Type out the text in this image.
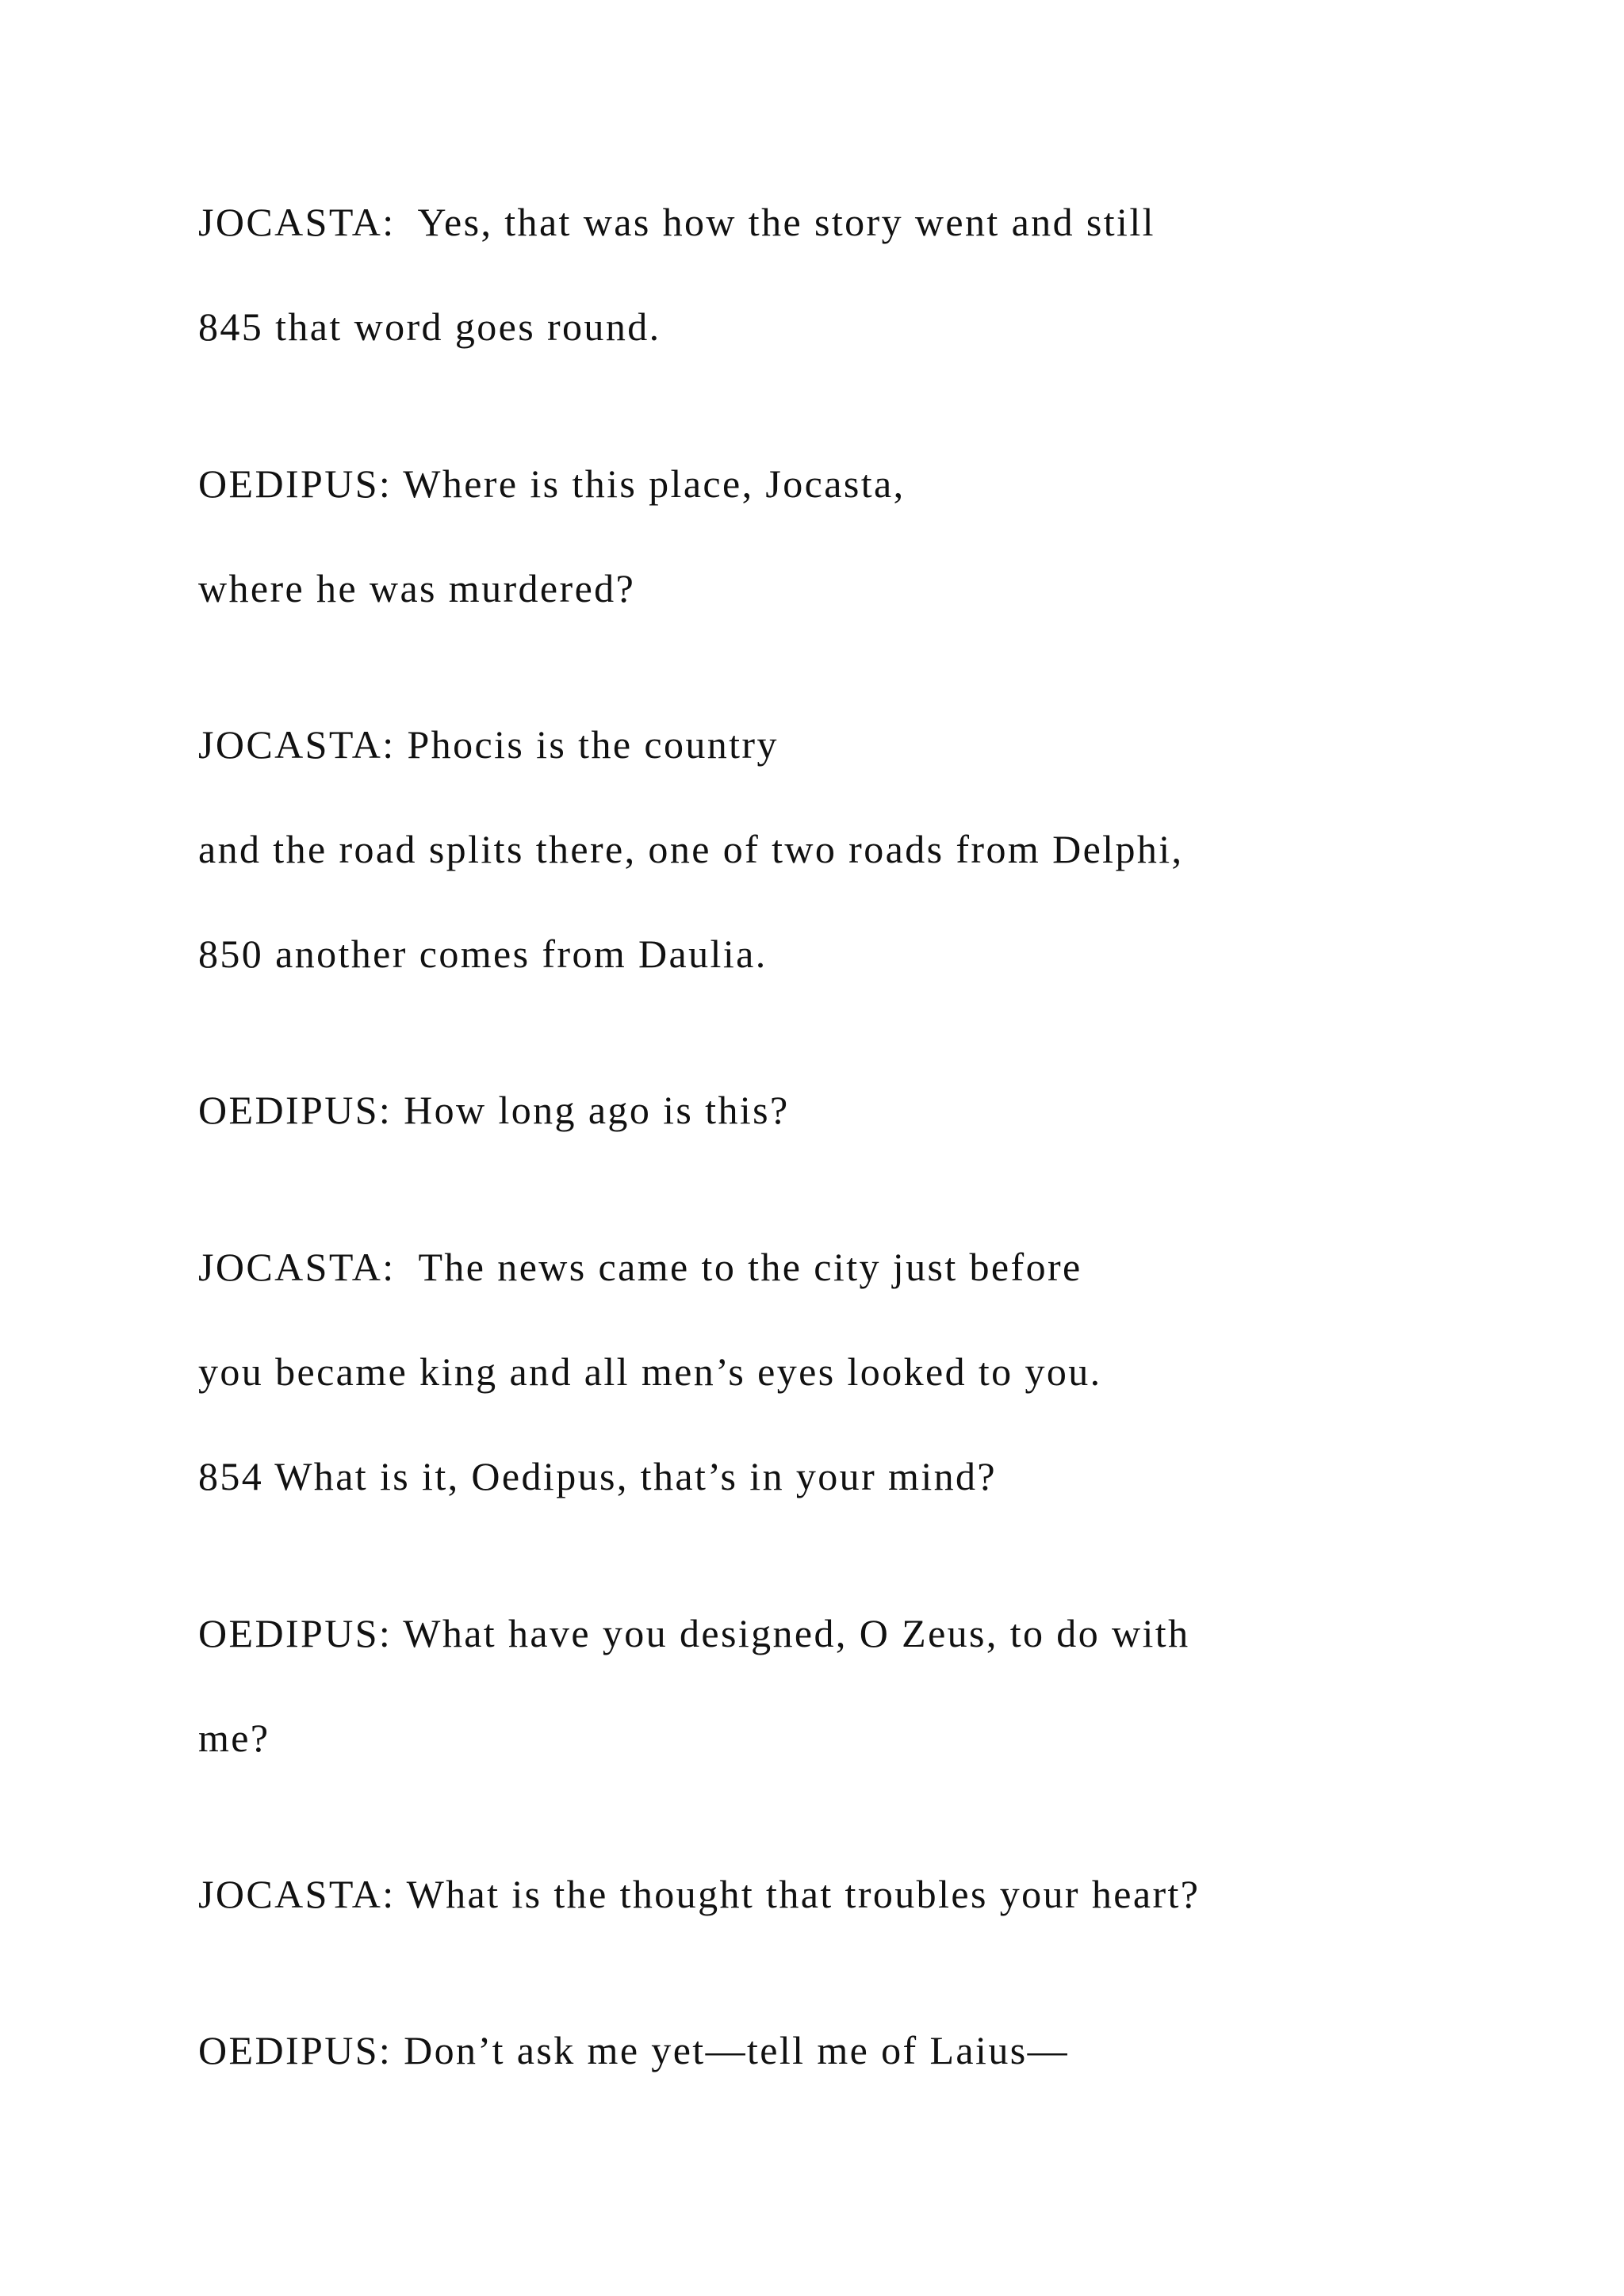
JOCASTA:  Yes, that was how the story went and still

845 that word goes round.

OEDIPUS: Where is this place, Jocasta,

where he was murdered?

JOCASTA: Phocis is the country

and the road splits there, one of two roads from Delphi,

850 another comes from Daulia.

OEDIPUS: How long ago is this?

JOCASTA:  The news came to the city just before

you became king and all men’s eyes looked to you.

854 What is it, Oedipus, that’s in your mind?

OEDIPUS: What have you designed, O Zeus, to do with

me?

JOCASTA: What is the thought that troubles your heart?

OEDIPUS: Don’t ask me yet—tell me of Laius—
